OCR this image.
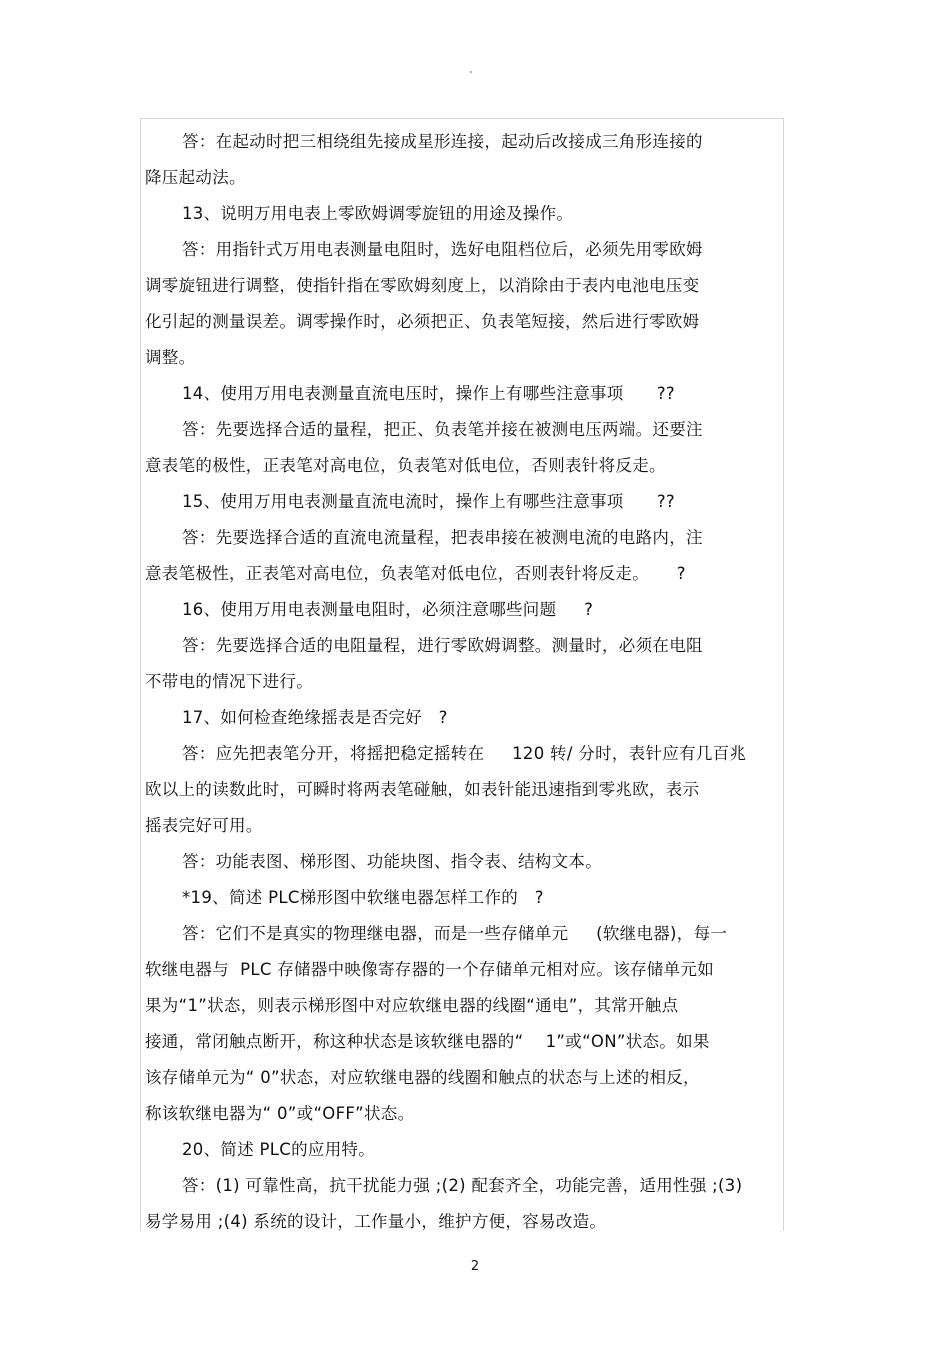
"
答：在起动时把三相绕组先接成星形连接，起动后改接成三角形连接的
降压起动法。
13、说明万用电表上零欧姆调零旋钮的用途及操作。
答：用指针式万用电表测量电阻时，选好电阻档位后，必须先用零欧姆
调零旋钮进行调整，使指针指在零欧姆刻度上，以消除由于表内电池电压变
化引起的测量误差。调零操作时，必须把正、负表笔短接，然后进行零欧姆
调整。
14、使用万用电表测量直流电压时，操作上有哪些注意事项      ??
答：先要选择合适的量程，把正、负表笔并接在被测电压两端。还要注
意表笔的极性，正表笔对高电位，负表笔对低电位，否则表针将反走。
15、使用万用电表测量直流电流时，操作上有哪些注意事项      ??
答：先要选择合适的直流电流量程，把表串接在被测电流的电路内，注
意表笔极性，正表笔对高电位，负表笔对低电位，否则表针将反走。     ?
16、使用万用电表测量电阻时，必须注意哪些问题     ?
答：先要选择合适的电阻量程，进行零欧姆调整。测量时，必须在电阻
不带电的情况下进行。
17、如何检查绝缘摇表是否完好   ?
答：应先把表笔分开，将摇把稳定摇转在     120 转/ 分时，表针应有几百兆
欧以上的读数此时，可瞬时将两表笔碰触，如表针能迅速指到零兆欧，表示
摇表完好可用。
答：功能表图、梯形图、功能块图、指令表、结构文本。
*19、简述 PLC梯形图中软继电器怎样工作的   ?
答：它们不是真实的物理继电器，而是一些存储单元     (软继电器)，每一
软继电器与  PLC 存储器中映像寄存器的一个存储单元相对应。该存储单元如
果为“1”状态，则表示梯形图中对应软继电器的线圈“通电”，其常开触点
接通，常闭触点断开，称这种状态是该软继电器的“    1”或“ON”状态。如果
该存储单元为“ 0”状态，对应软继电器的线圈和触点的状态与上述的相反，
称该软继电器为“ 0”或“OFF”状态。
20、简述 PLC的应用特。
答：(1) 可靠性高，抗干扰能力强 ;(2) 配套齐全，功能完善，适用性强 ;(3)
易学易用 ;(4) 系统的设计，工作量小，维护方便，容易改造。
2
